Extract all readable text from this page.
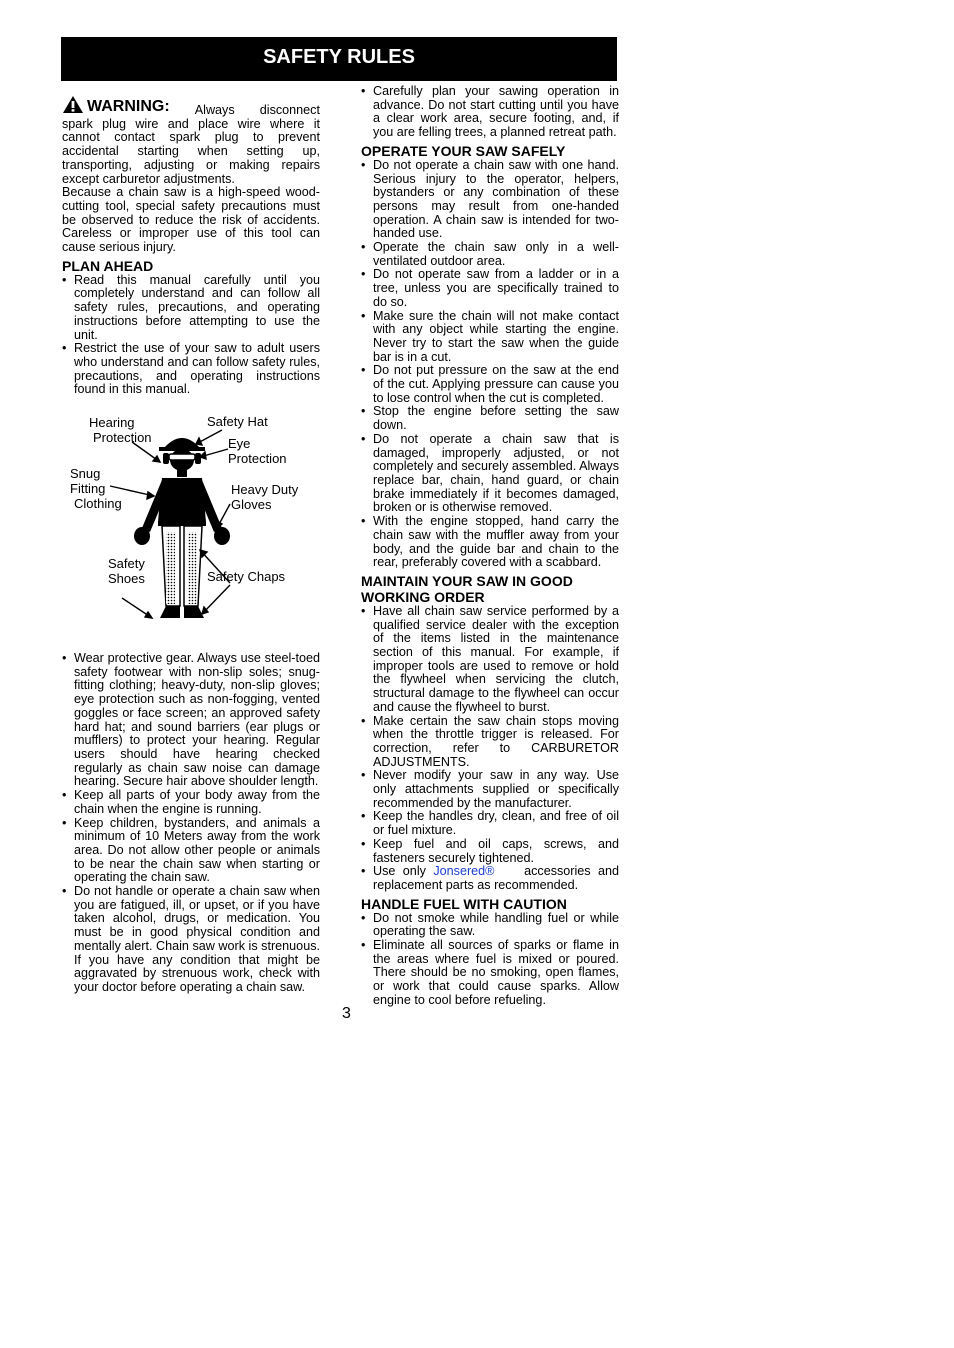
SAFETY RULES
WARNING: Always disconnect

spark plug wire and place wire where it cannot contact spark plug to prevent accidental starting when setting up, transporting, adjusting or making repairs except carburetor adjustments.

Because a chain saw is a high-speed wood-cutting tool, special safety precautions must be observed to reduce the risk of accidents. Careless or improper use of this tool can cause serious injury.

PLAN AHEAD
• Read this manual carefully until you completely understand and can follow all safety rules, precautions, and operating instructions before attempting to use the unit.
• Restrict the use of your saw to adult users who understand and can follow safety rules, precautions, and operating instructions found in this manual.
Hearing
Protection
Safety Hat
Eye
Protection
Snug
Fitting
Clothing
Heavy Duty
Gloves
Safety
Shoes	Safety Chaps
• Wear protective gear. Always use steel-toed safety footwear with non-slip soles; snug-fitting clothing; heavy-duty, non-slip gloves; eye protection such as non-fogging, vented goggles or face screen; an approved safety hard hat; and sound barriers (ear plugs or mufflers) to protect your hearing. Regular users should have hearing checked regularly as chain saw noise can damage hearing. Secure hair above shoulder length.
• Keep all parts of your body away from the chain when the engine is running.
• Keep children, bystanders, and animals a minimum of 10 Meters away from the work area. Do not allow other people or animals to be near the chain saw when starting or operating the chain saw.
• Do not handle or operate a chain saw when you are fatigued, ill, or upset, or if you have taken alcohol, drugs, or medication. You must be in good physical condition and mentally alert. Chain saw work is strenuous. If you have any condition that might be aggravated by strenuous work, check with your doctor before operating a chain saw.
• Carefully plan your sawing operation in advance. Do not start cutting until you have a clear work area, secure footing, and, if you are felling trees, a planned retreat path.
OPERATE YOUR SAW SAFELY
• Do not operate a chain saw with one hand. Serious injury to the operator, helpers, bystanders or any combination of these persons may result from one-handed operation. A chain saw is intended for two-handed use.
• Operate the chain saw only in a well-ventilated outdoor area.
• Do not operate saw from a ladder or in a tree, unless you are specifically trained to do so.
• Make sure the chain will not make contact with any object while starting the engine. Never try to start the saw when the guide bar is in a cut.
• Do not put pressure on the saw at the end of the cut. Applying pressure can cause you to lose control when the cut is completed.
• Stop the engine before setting the saw down.
• Do not operate a chain saw that is damaged, improperly adjusted, or not completely and securely assembled. Always replace bar, chain, hand guard, or chain brake immediately if it becomes damaged, broken or is otherwise removed.
• With the engine stopped, hand carry the chain saw with the muffler away from your body, and the guide bar and chain to the rear, preferably covered with a scabbard.
MAINTAIN YOUR SAW IN GOOD
WORKING ORDER
• Have all chain saw service performed by a qualified service dealer with the exception of the items listed in the maintenance section of this manual. For example, if improper tools are used to remove or hold the flywheel when servicing the clutch, structural damage to the flywheel can occur and cause the flywheel to burst.
• Make certain the saw chain stops moving when the throttle trigger is released. For correction, refer to CARBURETOR ADJUSTMENTS.
• Never modify your saw in any way. Use only attachments supplied or specifically recommended by the manufacturer.
• Keep the handles dry, clean, and free of oil or fuel mixture.
• Keep fuel and oil caps, screws, and fasteners securely tightened.
• Use only Jonsered® accessories and replacement parts as recommended.
HANDLE FUEL WITH CAUTION
• Do not smoke while handling fuel or while operating the saw.
• Eliminate all sources of sparks or flame in the areas where fuel is mixed or poured. There should be no smoking, open flames, or work that could cause sparks. Allow engine to cool before refueling.
3
